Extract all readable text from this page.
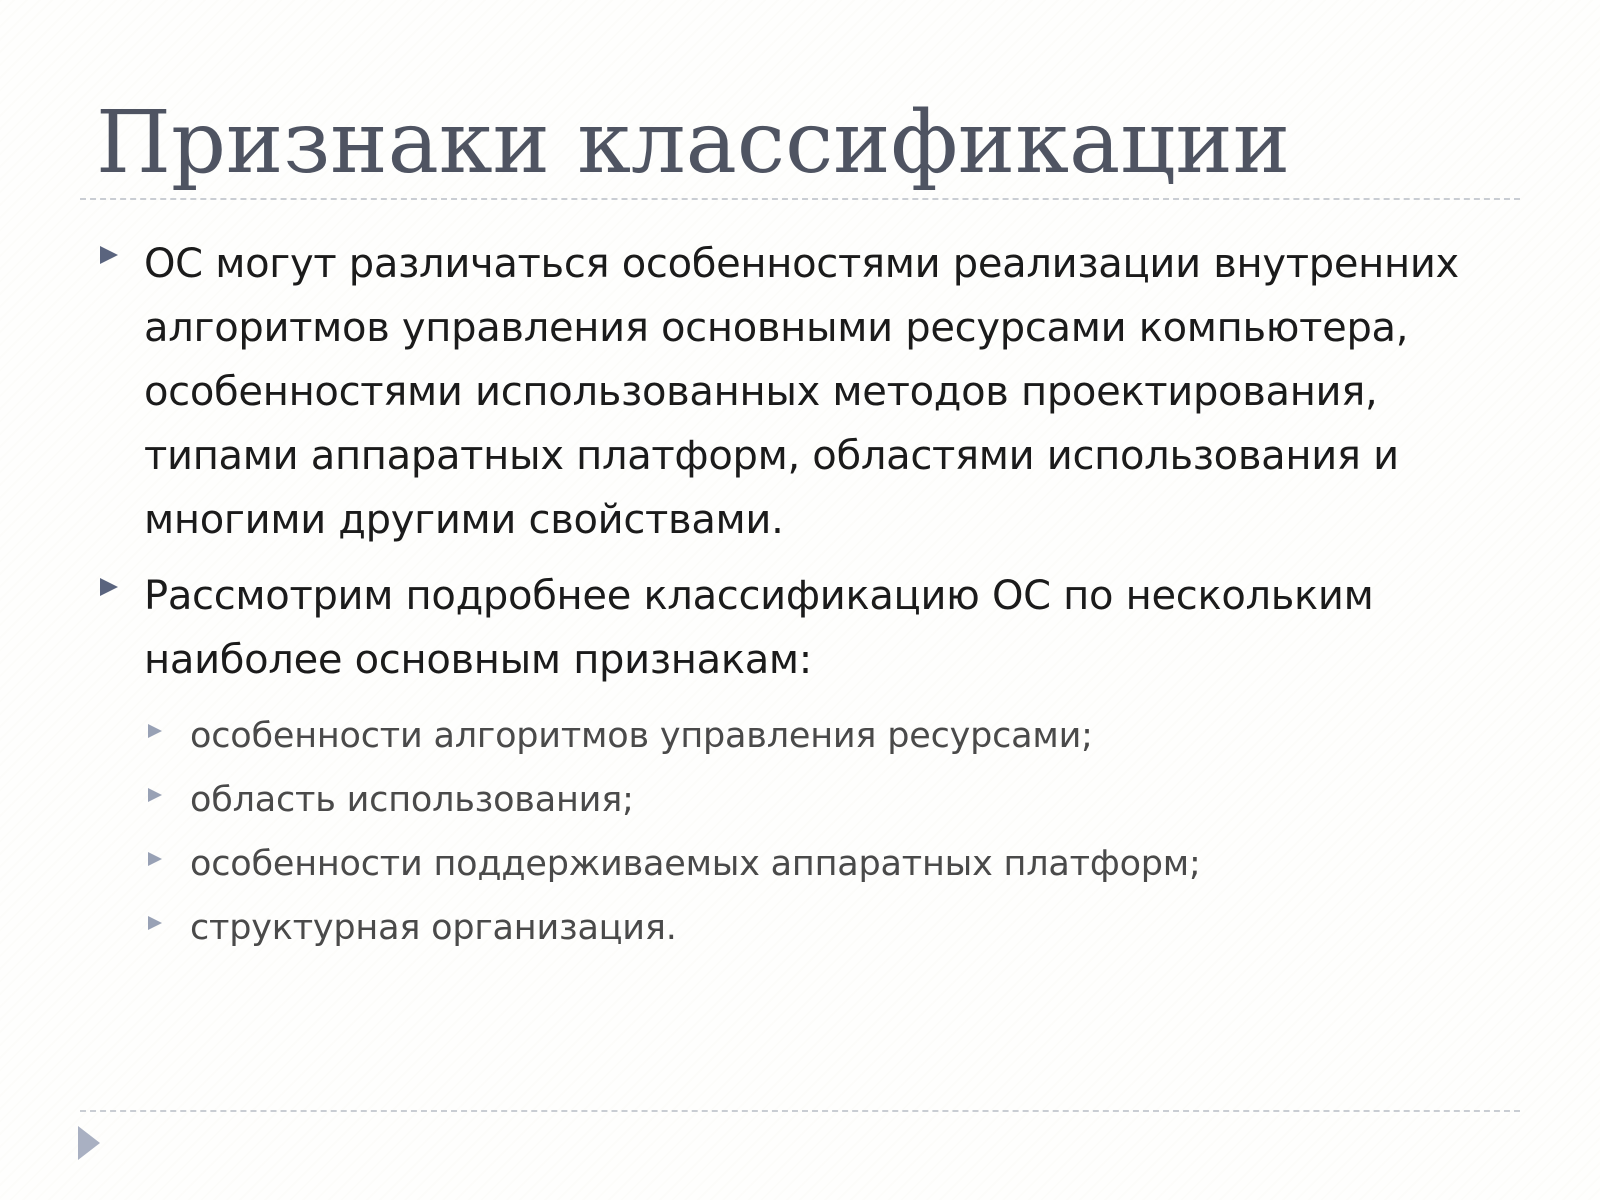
Признаки классификации
ОС могут различаться особенностями реализации внутренних алгоритмов управления основными ресурсами компьютера, особенностями использованных методов проектирования, типами аппаратных платформ, областями использования и многими другими свойствами.
Рассмотрим подробнее классификацию ОС по нескольким наиболее основным признакам:
особенности алгоритмов управления ресурсами;
область использования;
особенности поддерживаемых аппаратных платформ;
структурная организация.
